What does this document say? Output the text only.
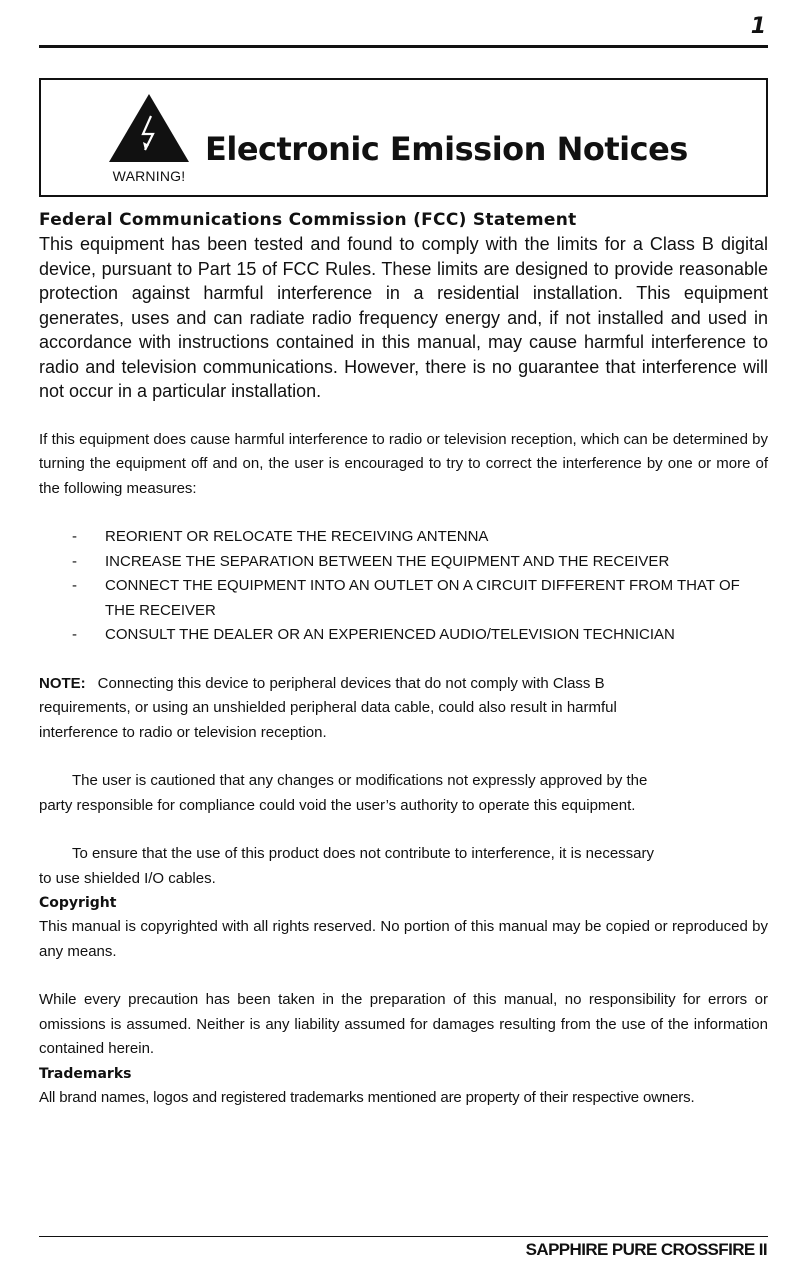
1
WARNING!
Electronic Emission Notices
Federal Communications Commission (FCC) Statement

This equipment has been tested and found to comply with the limits for a Class B digital device, pursuant to Part 15 of FCC Rules. These limits are designed to provide reasonable protection against harmful interference in a residential installation. This equipment generates, uses and can radiate radio frequency energy and, if not installed and used in accordance with instructions contained in this manual, may cause harmful interference to radio and television communications. However, there is no guarantee that interference will not occur in a particular installation.

If this equipment does cause harmful interference to radio or television reception, which can be determined by turning the equipment off and on, the user is encouraged to try to correct the interference by one or more of the following measures:

- REORIENT OR RELOCATE THE RECEIVING ANTENNA
- INCREASE THE SEPARATION BETWEEN THE EQUIPMENT AND THE RECEIVER
- CONNECT THE EQUIPMENT INTO AN OUTLET ON A CIRCUIT DIFFERENT FROM THAT OF THE RECEIVER
- CONSULT THE DEALER OR AN EXPERIENCED AUDIO/TELEVISION TECHNICIAN

NOTE: Connecting this device to peripheral devices that do not comply with Class B requirements, or using an unshielded peripheral data cable, could also result in harmful interference to radio or television reception.

The user is cautioned that any changes or modifications not expressly approved by the party responsible for compliance could void the user’s authority to operate this equipment.

To ensure that the use of this product does not contribute to interference, it is necessary to use shielded I/O cables.

Copyright

This manual is copyrighted with all rights reserved. No portion of this manual may be copied or reproduced by any means.

While every precaution has been taken in the preparation of this manual, no responsibility for errors or omissions is assumed. Neither is any liability assumed for damages resulting from the use of the information contained herein.

Trademarks

All brand names, logos and registered trademarks mentioned are property of their respective owners.

SAPPHIRE PURE CROSSFIRE II
